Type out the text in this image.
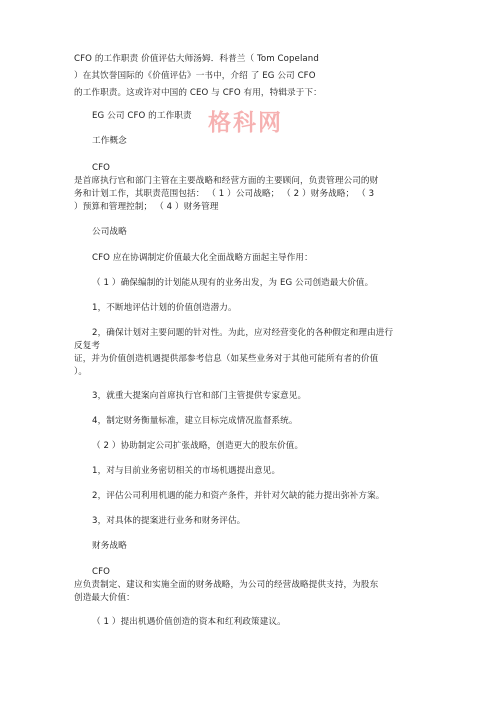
格科网
CFO 的工作职责 价值评估大师汤姆．科普兰（ Tom Copeland
）在其饮誉国际的《价值评估》一书中，介绍 了 EG 公司 CFO
的工作职责。这或许对中国的 CEO 与 CFO 有用，特辑录于下：
EG 公司 CFO 的工作职责
工作概念
CFO
是首席执行官和部门主管在主要战略和经营方面的主要顾问，负责管理公司的财
务和计划工作，其职责范围包括： （ 1 ）公司战略； （ 2 ）财务战略； （ 3
）预算和管理控制； （ 4 ）财务管理
公司战略
CFO 应在协调制定价值最大化全面战略方面起主导作用：
（ 1 ）确保编制的计划能从现有的业务出发，为 EG 公司创造最大价值。
1，不断地评估计划的价值创造潜力。
2，确保计划对主要问题的针对性。为此，应对经营变化的各种假定和理由进行
反复考
证，并为价值创造机遇提供部参考信息（如某些业务对于其他可能所有者的价值
）。
3，就重大提案向首席执行官和部门主管提供专家意见。
4，制定财务衡量标准，建立目标完成情况监督系统。
（ 2 ）协助制定公司扩张战略，创造更大的股东价值。
1，对与目前业务密切相关的市场机遇提出意见。
2，评估公司利用机遇的能力和资产条件，并针对欠缺的能力提出弥补方案。
3，对具体的提案进行业务和财务评估。
财务战略
CFO
应负责制定、建议和实施全面的财务战略，为公司的经营战略提供支持，为股东
创造最大价值：
（ 1 ）提出机遇价值创造的资本和红利政策建议。
